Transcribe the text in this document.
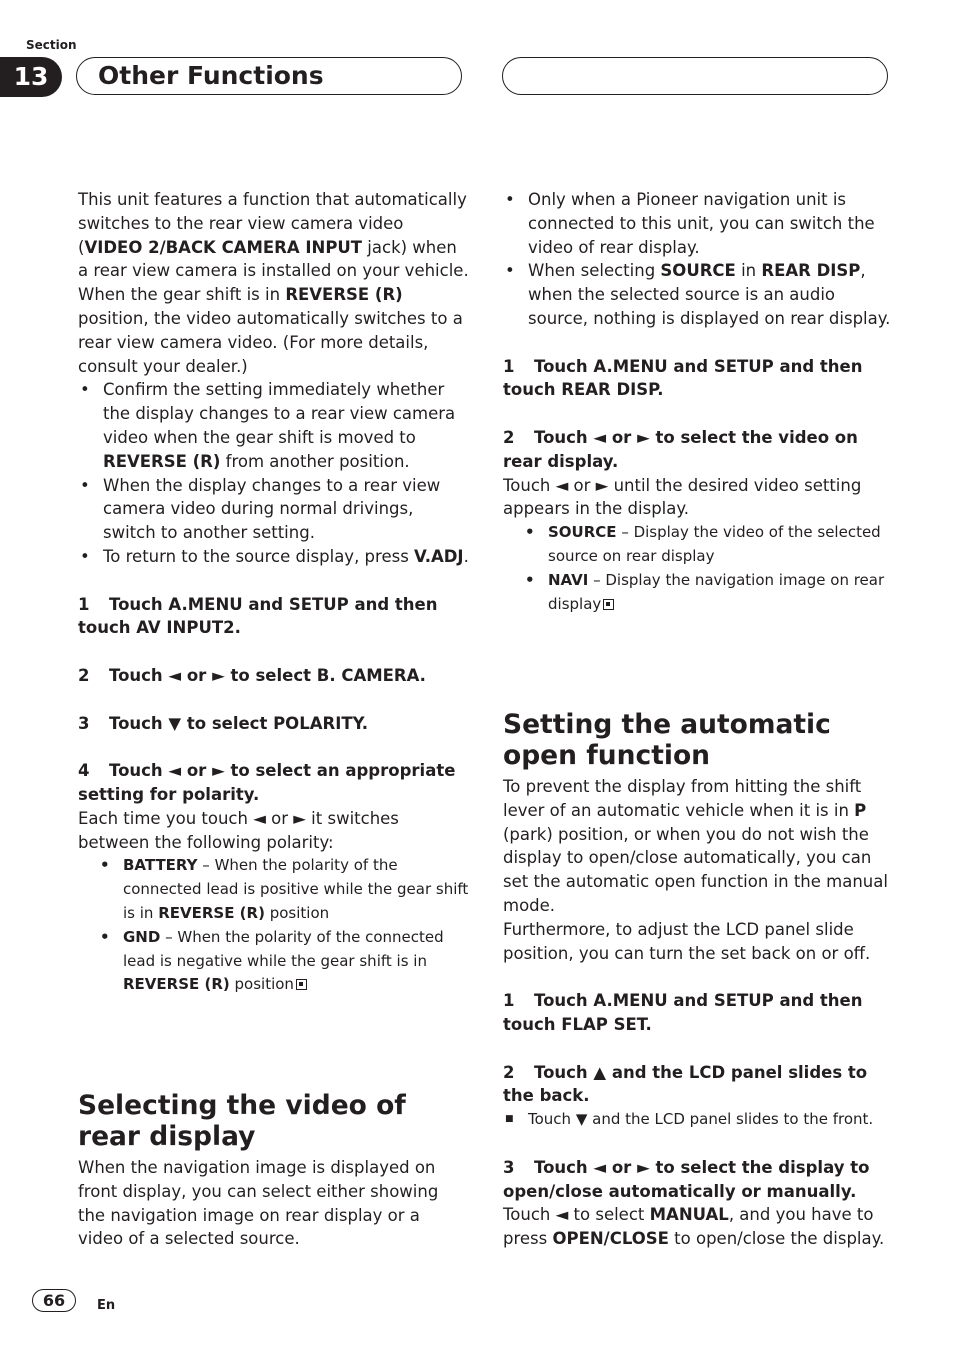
Section
13	Other Functions

This unit features a function that automatically switches to the rear view camera video (VIDEO 2/BACK CAMERA INPUT jack) when a rear view camera is installed on your vehicle. When the gear shift is in REVERSE (R) position, the video automatically switches to a rear view camera video. (For more details, consult your dealer.)

• Confirm the setting immediately whether the display changes to a rear view camera video when the gear shift is moved to REVERSE (R) from another position.

• When the display changes to a rear view camera video during normal drivings, switch to another setting.

• To return to the source display, press V.ADJ.

1 Touch A.MENU and SETUP and then touch AV INPUT2.

2 Touch ◄ or ► to select B. CAMERA.

3 Touch ▼ to select POLARITY.

4 Touch ◄ or ► to select an appropriate setting for polarity.

Each time you touch ◄ or ► it switches between the following polarity:

• BATTERY – When the polarity of the connected lead is positive while the gear shift is in REVERSE (R) position

• GND – When the polarity of the connected lead is negative while the gear shift is in REVERSE (R) position

Selecting the video of rear display

When the navigation image is displayed on front display, you can select either showing the navigation image on rear display or a video of a selected source.

• Only when a Pioneer navigation unit is connected to this unit, you can switch the video of rear display.

• When selecting SOURCE in REAR DISP, when the selected source is an audio source, nothing is displayed on rear display.

1 Touch A.MENU and SETUP and then touch REAR DISP.

2 Touch ◄ or ► to select the video on rear display.

Touch ◄ or ► until the desired video setting appears in the display.

• SOURCE – Display the video of the selected source on rear display

• NAVI – Display the navigation image on rear display

Setting the automatic open function

To prevent the display from hitting the shift lever of an automatic vehicle when it is in P (park) position, or when you do not wish the display to open/close automatically, you can set the automatic open function in the manual mode.

Furthermore, to adjust the LCD panel slide position, you can turn the set back on or off.

1 Touch A.MENU and SETUP and then touch FLAP SET.

2 Touch ▲ and the LCD panel slides to the back.

■ Touch ▼ and the LCD panel slides to the front.

3 Touch ◄ or ► to select the display to open/close automatically or manually.

Touch ◄ to select MANUAL, and you have to press OPEN/CLOSE to open/close the display.

66	En
